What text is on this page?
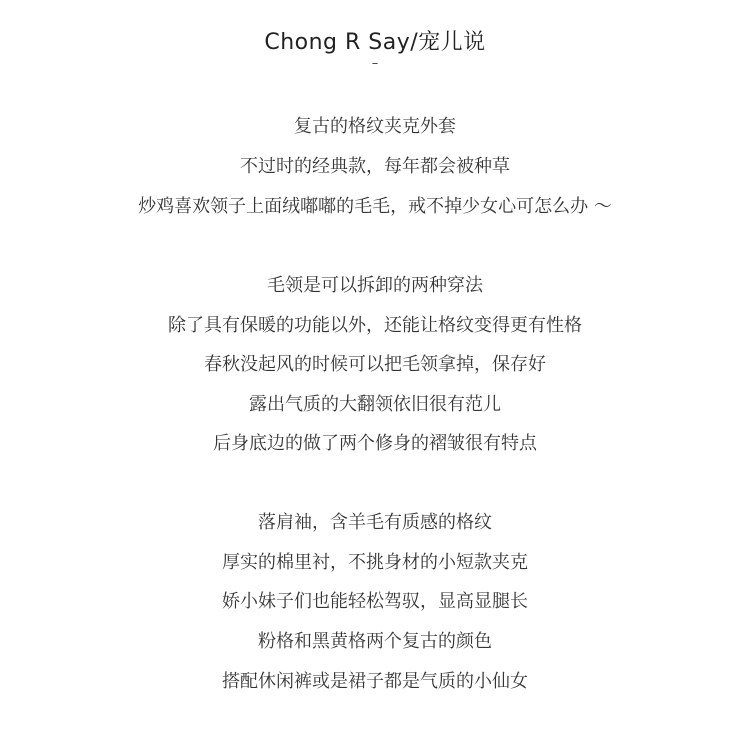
Chong R Say/宠儿说
–
复古的格纹夹克外套
不过时的经典款，每年都会被种草
炒鸡喜欢领子上面绒嘟嘟的毛毛，戒不掉少女心可怎么办 ～
毛领是可以拆卸的两种穿法
除了具有保暖的功能以外，还能让格纹变得更有性格
春秋没起风的时候可以把毛领拿掉，保存好
露出气质的大翻领依旧很有范儿
后身底边的做了两个修身的褶皱很有特点
落肩袖，含羊毛有质感的格纹
厚实的棉里衬，不挑身材的小短款夹克
娇小妹子们也能轻松驾驭，显高显腿长
粉格和黑黄格两个复古的颜色
搭配休闲裤或是裙子都是气质的小仙女
